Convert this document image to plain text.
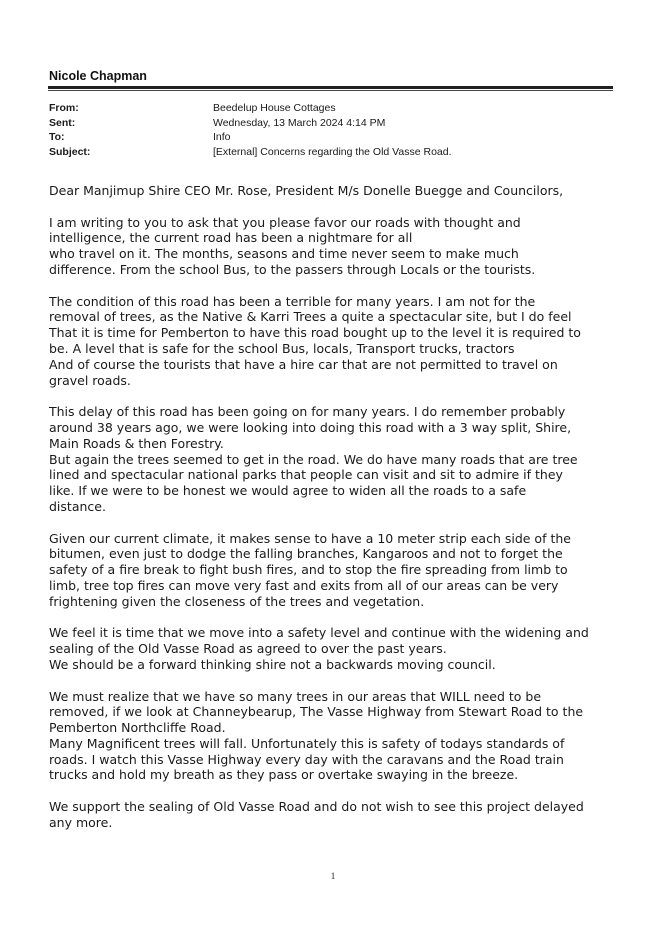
Nicole Chapman
From:	Beedelup House Cottages
Sent:	Wednesday, 13 March 2024 4:14 PM
To:	Info
Subject:	[External] Concerns regarding the Old Vasse Road.

Dear Manjimup Shire CEO Mr. Rose, President M/s Donelle Buegge and Councilors,

I am writing to you to ask that you please favor our roads with thought and
intelligence, the current road has been a nightmare for all
who travel on it. The months, seasons and time never seem to make much
difference. From the school Bus, to the passers through Locals or the tourists.

The condition of this road has been a terrible for many years. I am not for the
removal of trees, as the Native & Karri Trees a quite a spectacular site, but I do feel
That it is time for Pemberton to have this road bought up to the level it is required to
be. A level that is safe for the school Bus, locals, Transport trucks, tractors
And of course the tourists that have a hire car that are not permitted to travel on
gravel roads.

This delay of this road has been going on for many years. I do remember probably
around 38 years ago, we were looking into doing this road with a 3 way split, Shire,
Main Roads & then Forestry.
But again the trees seemed to get in the road. We do have many roads that are tree
lined and spectacular national parks that people can visit and sit to admire if they
like. If we were to be honest we would agree to widen all the roads to a safe
distance.

Given our current climate, it makes sense to have a 10 meter strip each side of the
bitumen, even just to dodge the falling branches, Kangaroos and not to forget the
safety of a fire break to fight bush fires, and to stop the fire spreading from limb to
limb, tree top fires can move very fast and exits from all of our areas can be very
frightening given the closeness of the trees and vegetation.

We feel it is time that we move into a safety level and continue with the widening and
sealing of the Old Vasse Road as agreed to over the past years.
We should be a forward thinking shire not a backwards moving council.

We must realize that we have so many trees in our areas that WILL need to be
removed, if we look at Channeybearup, The Vasse Highway from Stewart Road to the
Pemberton Northcliffe Road.
Many Magnificent trees will fall. Unfortunately this is safety of todays standards of
roads. I watch this Vasse Highway every day with the caravans and the Road train
trucks and hold my breath as they pass or overtake swaying in the breeze.

We support the sealing of Old Vasse Road and do not wish to see this project delayed
any more.

1
